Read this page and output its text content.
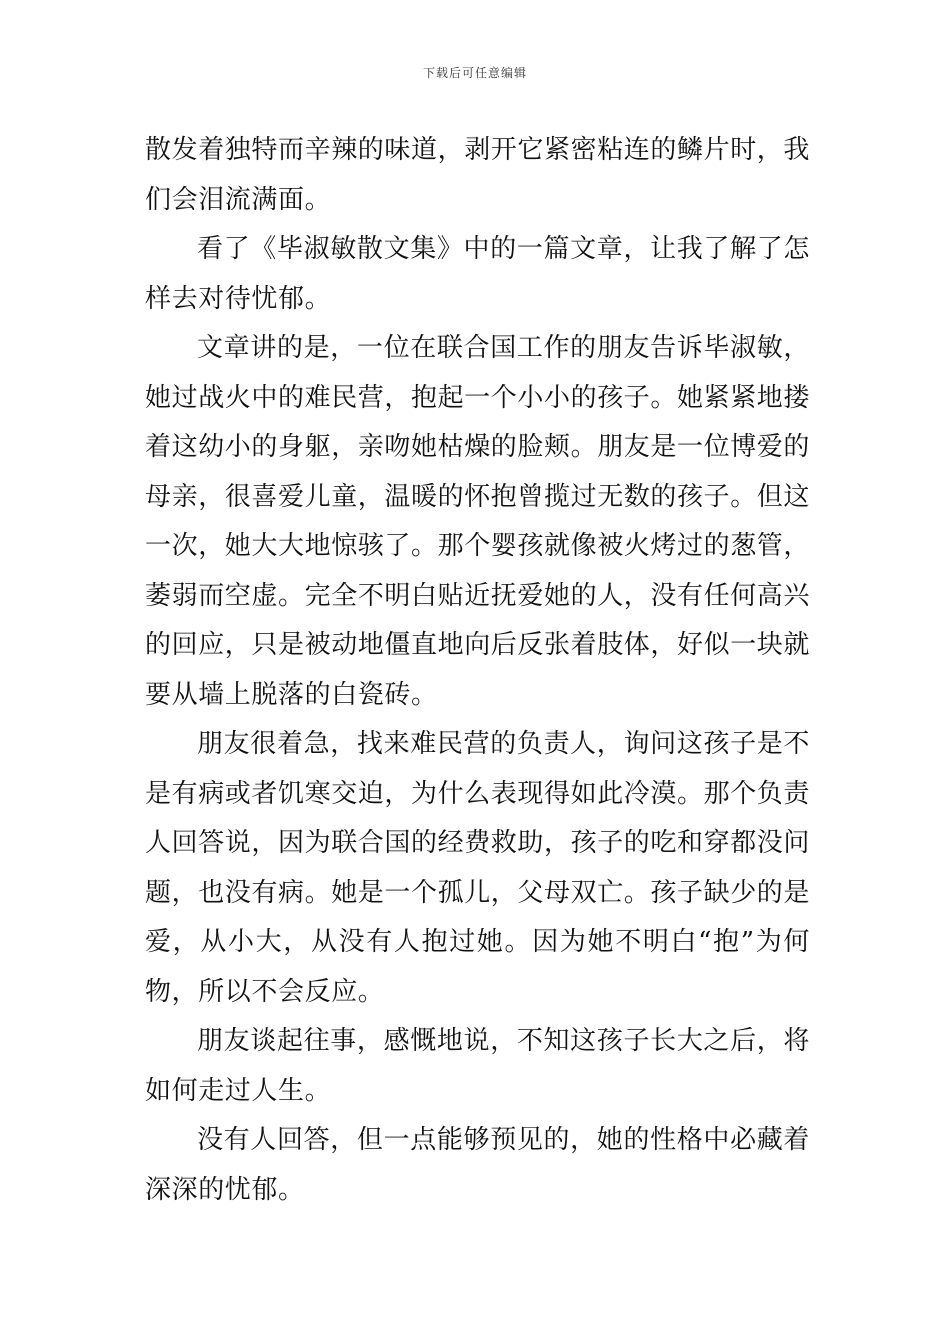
下载后可任意编辑

散发着独特而辛辣的味道，剥开它紧密粘连的鳞片时，我们会泪流满面。

看了《毕淑敏散文集》中的一篇文章，让我了解了怎样去对待忧郁。

文章讲的是，一位在联合国工作的朋友告诉毕淑敏，她过战火中的难民营，抱起一个小小的孩子。她紧紧地搂着这幼小的身躯，亲吻她枯燥的脸颊。朋友是一位博爱的母亲，很喜爱儿童，温暖的怀抱曾揽过无数的孩子。但这一次，她大大地惊骇了。那个婴孩就像被火烤过的葱管，萎弱而空虚。完全不明白贴近抚爱她的人，没有任何高兴的回应，只是被动地僵直地向后反张着肢体，好似一块就要从墙上脱落的白瓷砖。

朋友很着急，找来难民营的负责人，询问这孩子是不是有病或者饥寒交迫，为什么表现得如此冷漠。那个负责人回答说，因为联合国的经费救助，孩子的吃和穿都没问题，也没有病。她是一个孤儿，父母双亡。孩子缺少的是爱，从小大，从没有人抱过她。因为她不明白“抱”为何物，所以不会反应。

朋友谈起往事，感慨地说，不知这孩子长大之后，将如何走过人生。

没有人回答，但一点能够预见的，她的性格中必藏着深深的忧郁。
